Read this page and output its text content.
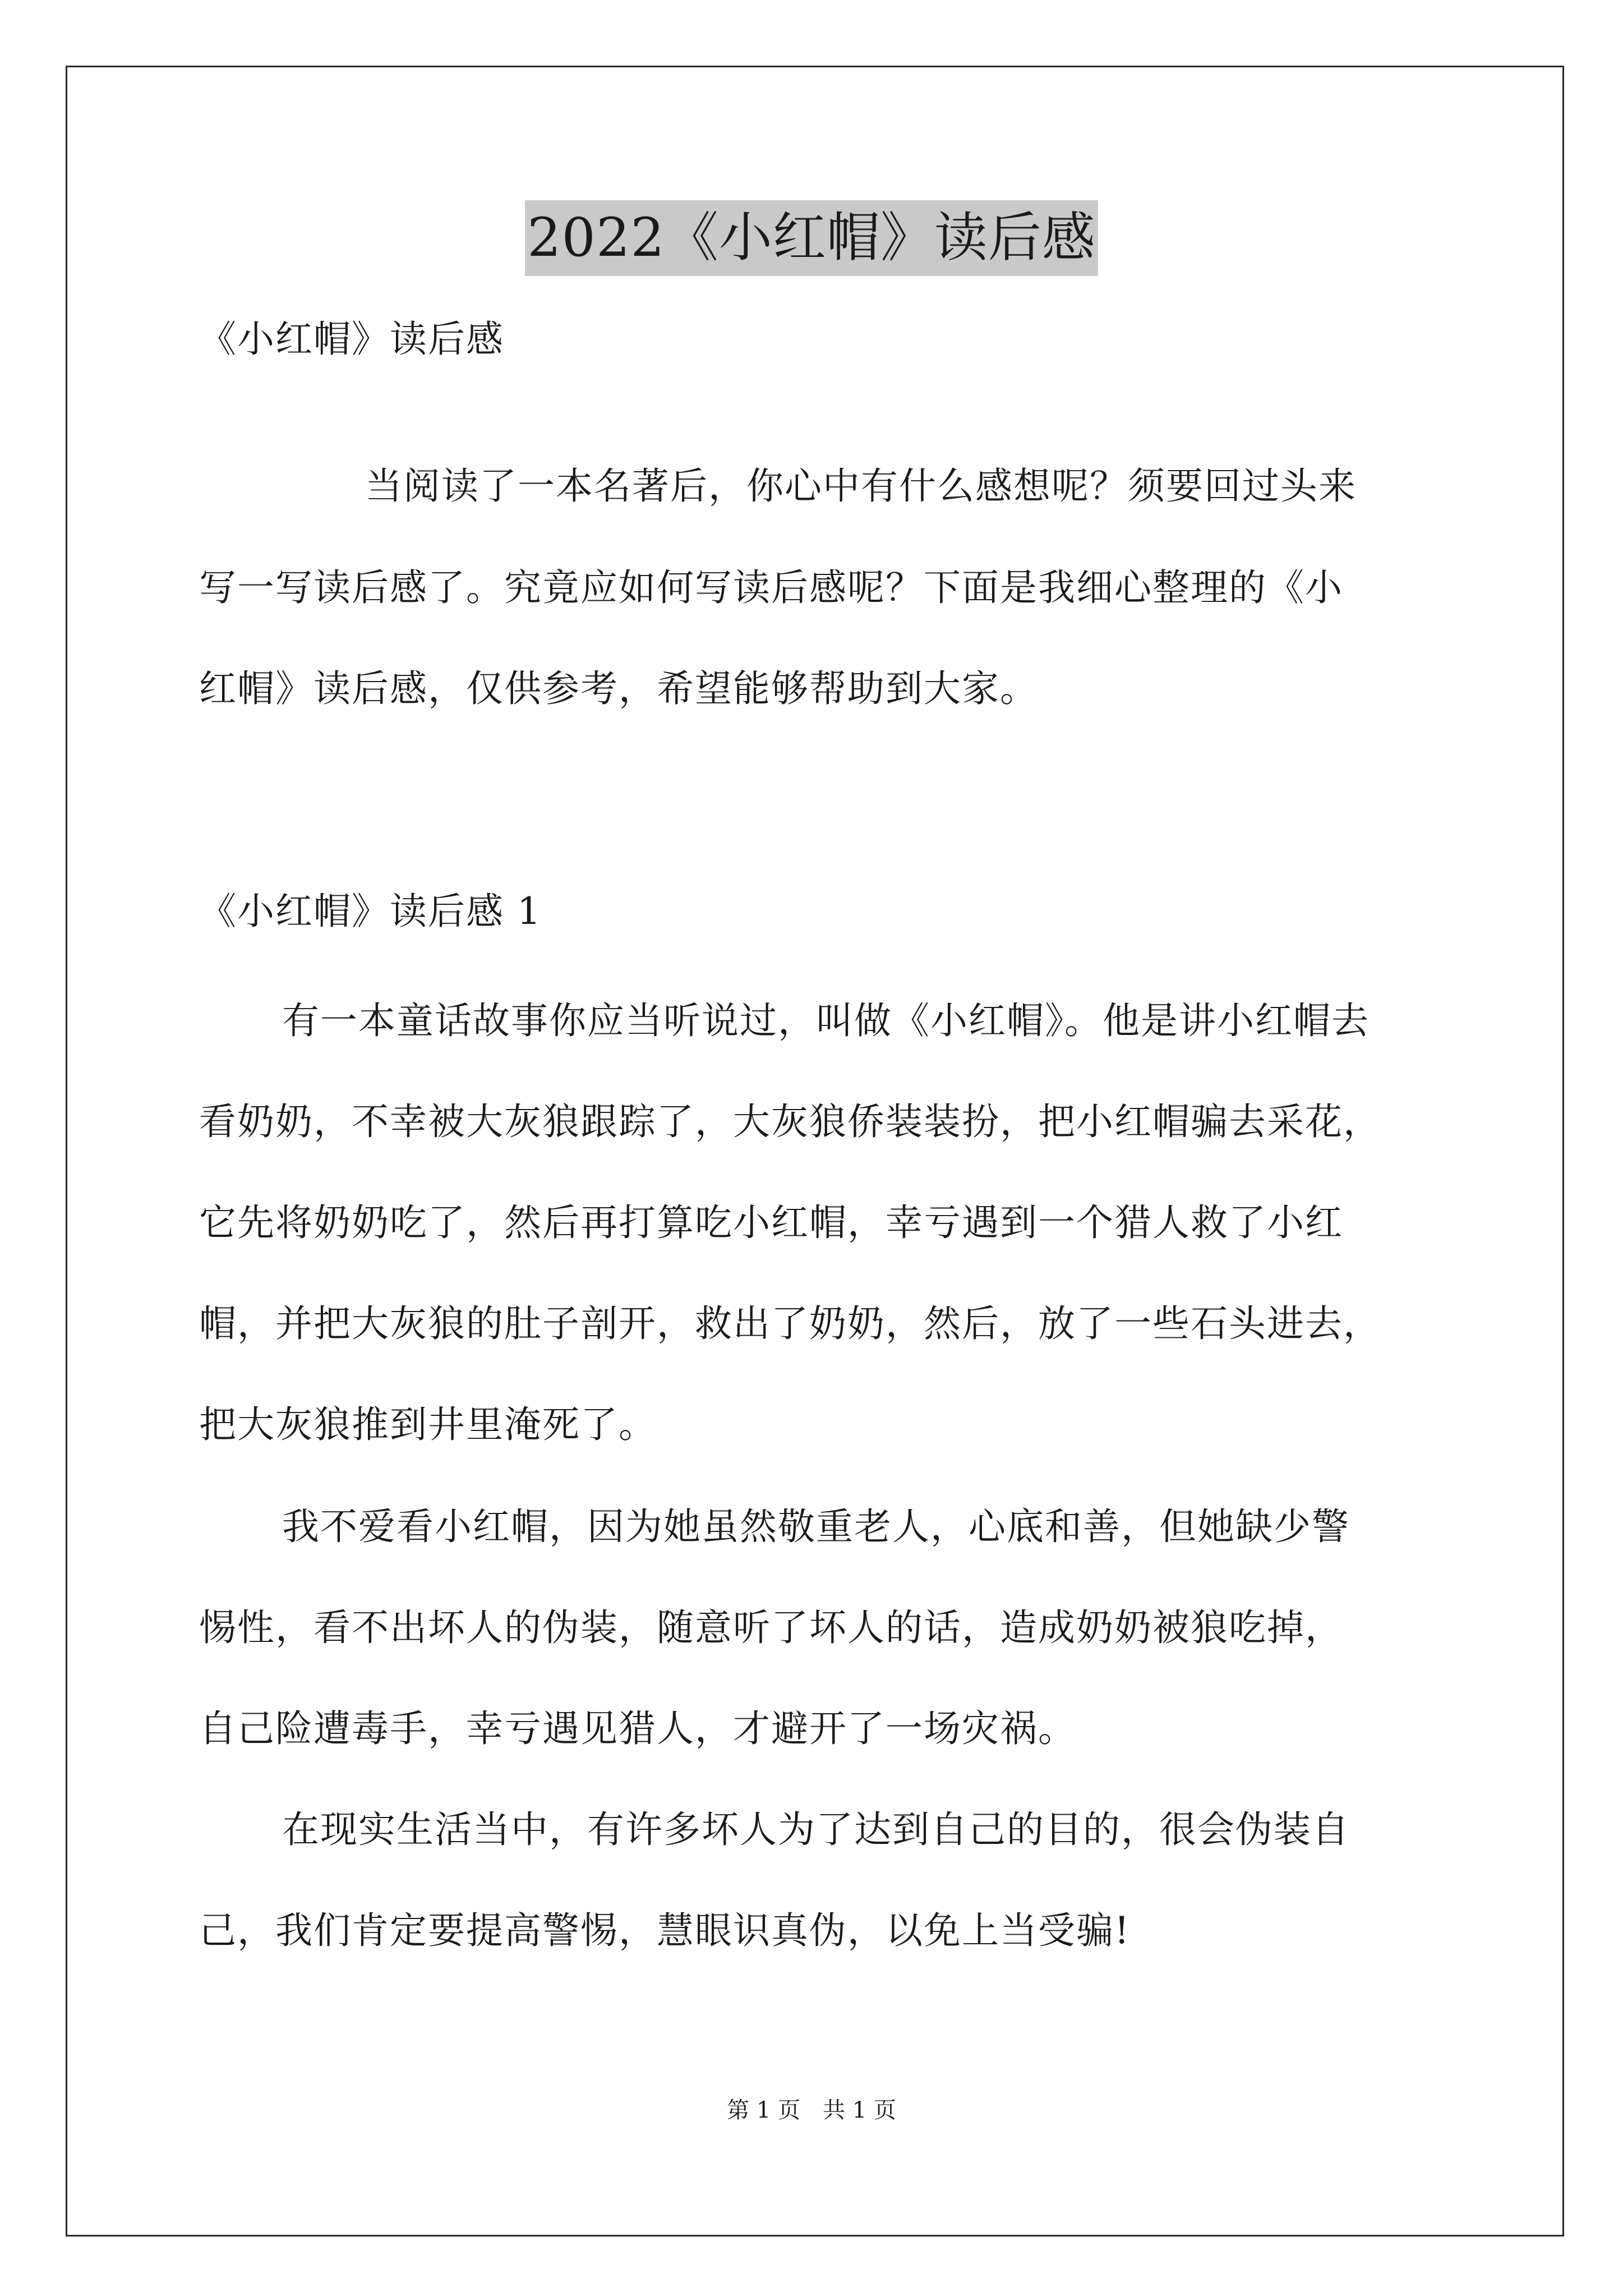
2022《小红帽》读后感
《小红帽》读后感
当阅读了一本名著后，你心中有什么感想呢？须要回过头来
写一写读后感了。究竟应如何写读后感呢？下面是我细心整理的《小
红帽》读后感，仅供参考，希望能够帮助到大家。
《小红帽》读后感 1
有一本童话故事你应当听说过，叫做《小红帽》。他是讲小红帽去
看奶奶，不幸被大灰狼跟踪了，大灰狼侨装装扮，把小红帽骗去采花，
它先将奶奶吃了，然后再打算吃小红帽，幸亏遇到一个猎人救了小红
帽，并把大灰狼的肚子剖开，救出了奶奶，然后，放了一些石头进去，
把大灰狼推到井里淹死了。
我不爱看小红帽，因为她虽然敬重老人，心底和善，但她缺少警
惕性，看不出坏人的伪装，随意听了坏人的话，造成奶奶被狼吃掉，
自己险遭毒手，幸亏遇见猎人，才避开了一场灾祸。
在现实生活当中，有许多坏人为了达到自己的目的，很会伪装自
己，我们肯定要提高警惕，慧眼识真伪，以免上当受骗!
第 1 页　共 1 页
